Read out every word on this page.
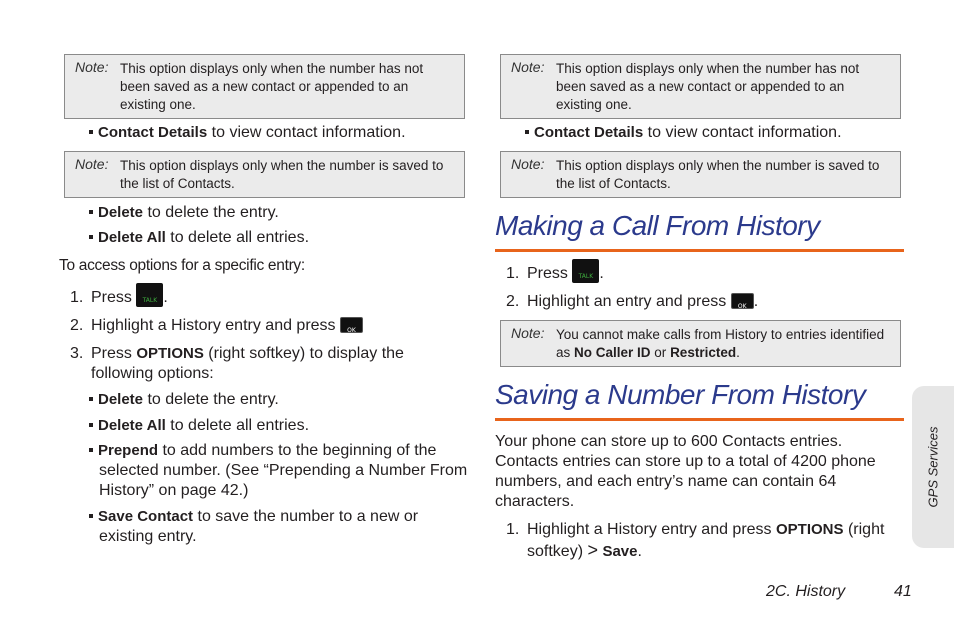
Note: This option displays only when the number has not been saved as a new contact or appended to an existing one.
Contact Details to view contact information.
Note: This option displays only when the number is saved to the list of Contacts.
Delete to delete the entry.
Delete All to delete all entries.
To access options for a specific entry:
1. Press	TALK .
2. Highlight a History entry and press	OK
3. Press OPTIONS (right softkey) to display the following options:
Delete to delete the entry.
Delete All to delete all entries.
Prepend to add numbers to the beginning of the selected number. (See “Prepending a Number From History” on page 42.)
Save Contact to save the number to a new or existing entry.
Note: This option displays only when the number has not been saved as a new contact or appended to an existing one.
Contact Details to view contact information.
Note: This option displays only when the number is saved to the list of Contacts.
Making a Call From History
1. Press	TALK .
2. Highlight an entry and press	OK .
Note: You cannot make calls from History to entries identified as No Caller ID or Restricted.
Saving a Number From History
Your phone can store up to 600 Contacts entries. Contacts entries can store up to a total of 4200 phone numbers, and each entry’s name can contain 64 characters.
1. Highlight a History entry and press OPTIONS (right softkey) > Save.
GPS Services
2C. History	41
